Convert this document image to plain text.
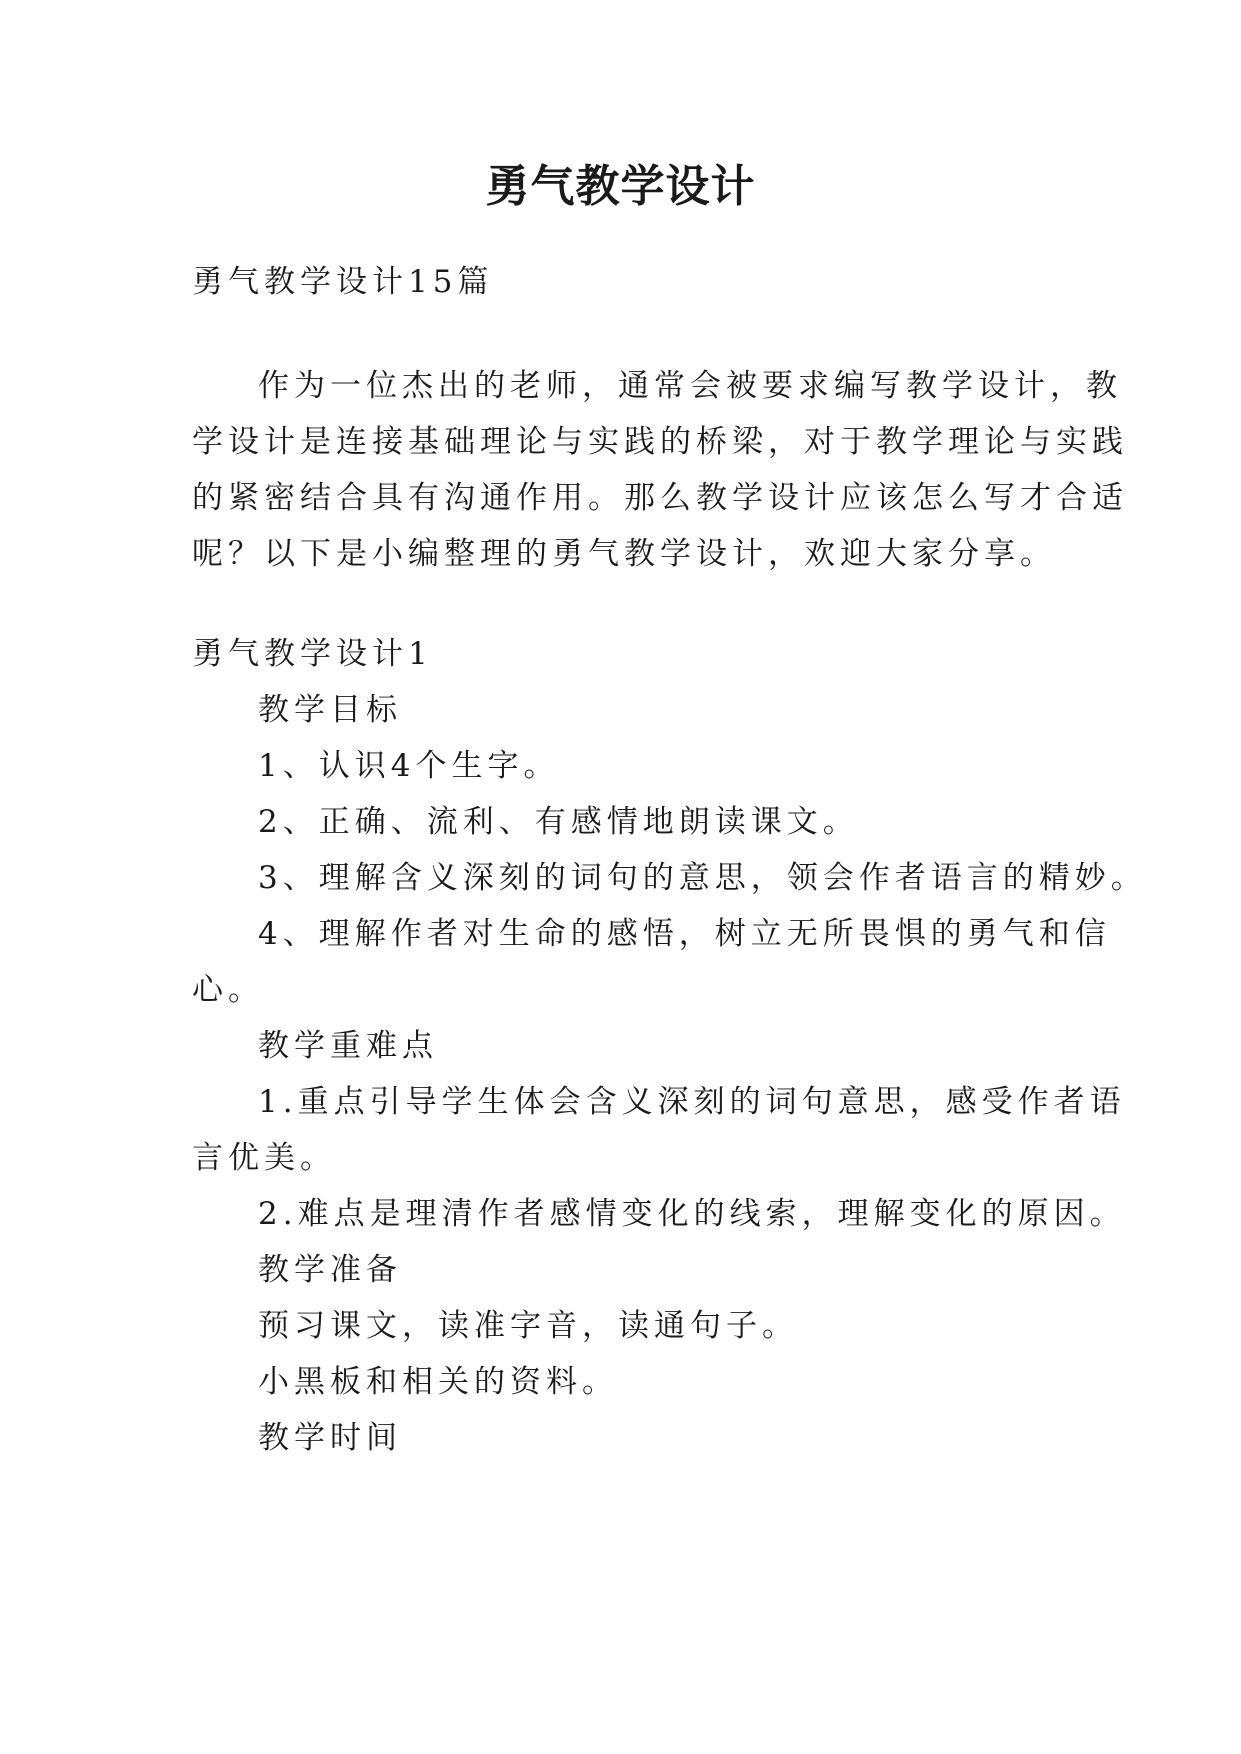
勇气教学设计
勇气教学设计15篇
作为一位杰出的老师，通常会被要求编写教学设计，教
学设计是连接基础理论与实践的桥梁，对于教学理论与实践
的紧密结合具有沟通作用。那么教学设计应该怎么写才合适
呢？以下是小编整理的勇气教学设计，欢迎大家分享。
勇气教学设计1
教学目标
1、认识4个生字。
2、正确、流利、有感情地朗读课文。
3、理解含义深刻的词句的意思，领会作者语言的精妙。
4、理解作者对生命的感悟，树立无所畏惧的勇气和信
心。
教学重难点
1.重点引导学生体会含义深刻的词句意思，感受作者语
言优美。
2.难点是理清作者感情变化的线索，理解变化的原因。
教学准备
预习课文，读准字音，读通句子。
小黑板和相关的资料。
教学时间
